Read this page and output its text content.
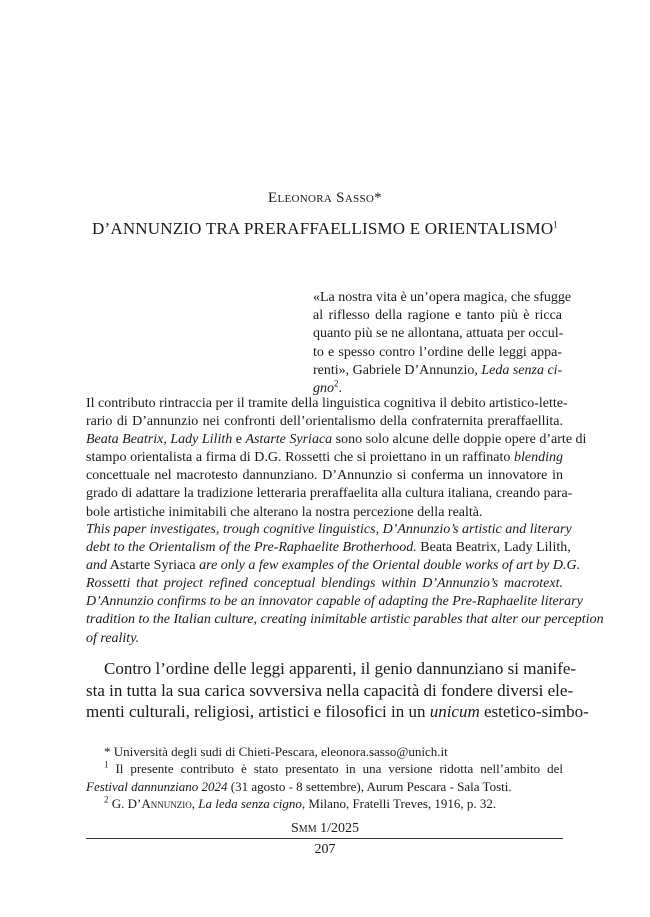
Eleonora Sasso*
D’ANNUNZIO TRA PRERAFFAELLISMO E ORIENTALISMO$^1$
«La nostra vita è un’opera magica, che sfugge
al riflesso della ragione e tanto più è ricca
quanto più se ne allontana, attuata per occul-
to e spesso contro l’ordine delle leggi appa-
renti», Gabriele D’Annunzio, Leda senza ci-
gno$^2$.
Il contributo rintraccia per il tramite della linguistica cognitiva il debito artistico-lette-
rario di D’annunzio nei confronti dell’orientalismo della confraternita preraffaellita.
Beata Beatrix, Lady Lilith e Astarte Syriaca sono solo alcune delle doppie opere d’arte di
stampo orientalista a firma di D.G. Rossetti che si proiettano in un raffinato blending
concettuale nel macrotesto dannunziano. D’Annunzio si conferma un innovatore in
grado di adattare la tradizione letteraria preraffaelita alla cultura italiana, creando para-
bole artistiche inimitabili che alterano la nostra percezione della realtà.
This paper investigates, trough cognitive linguistics, D’Annunzio’s artistic and literary
debt to the Orientalism of the Pre-Raphaelite Brotherhood. Beata Beatrix, Lady Lilith,
and Astarte Syriaca are only a few examples of the Oriental double works of art by D.G.
Rossetti that project refined conceptual blendings within D’Annunzio’s macrotext.
D’Annunzio confirms to be an innovator capable of adapting the Pre-Raphaelite literary
tradition to the Italian culture, creating inimitable artistic parables that alter our perception
of reality.
Contro l’ordine delle leggi apparenti, il genio dannunziano si manife-
sta in tutta la sua carica sovversiva nella capacità di fondere diversi ele-
menti culturali, religiosi, artistici e filosofici in un unicum estetico-simbo-
* Università degli sudi di Chieti-Pescara, eleonora.sasso@unich.it
$^1$ Il presente contributo è stato presentato in una versione ridotta nell’ambito del
Festival dannunziano 2024 (31 agosto - 8 settembre), Aurum Pescara - Sala Tosti.
$^2$ G. D’Annunzio, La leda senza cigno, Milano, Fratelli Treves, 1916, p. 32.
Smm 1/2025
207
